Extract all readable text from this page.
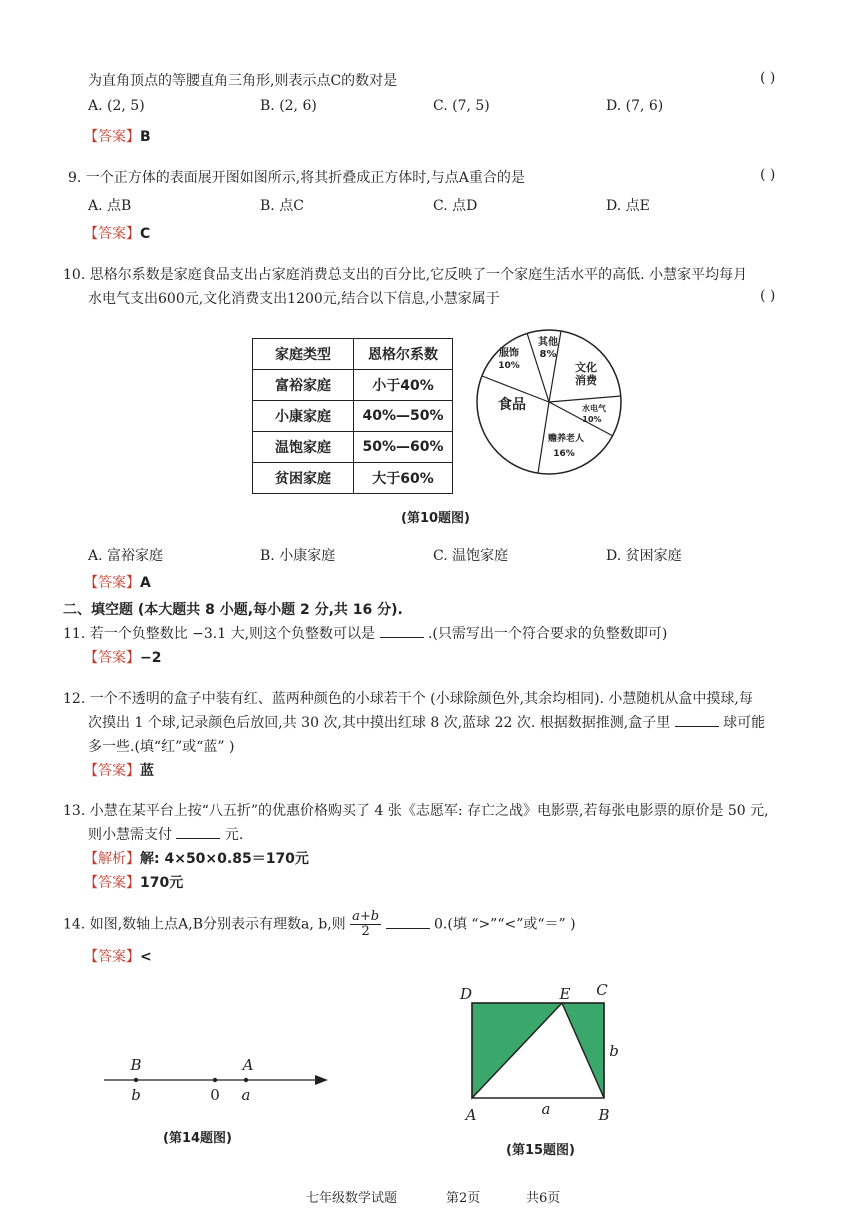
为直角顶点的等腰直角三角形,则表示点C的数对是	( )
A. (2, 5)	B. (2, 6)	C. (7, 5)	D. (7, 6)
【答案】B
9. 一个正方体的表面展开图如图所示,将其折叠成正方体时,与点A重合的是	( )
A. 点B	B. 点C	C. 点D	D. 点E
【答案】C
10. 思格尔系数是家庭食品支出占家庭消费总支出的百分比,它反映了一个家庭生活水平的高低. 小慧家平均每月
水电气支出600元,文化消费支出1200元,结合以下信息,小慧家属于	( )
家庭类型	恩格尔系数
富裕家庭	小于40%
小康家庭	40%—50%
温饱家庭	50%—60%
贫困家庭	大于60%
服饰
10%
其他
8%
文化
消费
水电气
10%
赡养老人
16%
食品
(第10题图)
A. 富裕家庭	B. 小康家庭	C. 温饱家庭	D. 贫困家庭
【答案】A
二、填空题 (本大题共 8 小题,每小题 2 分,共 16 分).
11. 若一个负整数比 −3.1 大,则这个负整数可以是	.(只需写出一个符合要求的负整数即可)
【答案】−2
12. 一个不透明的盒子中装有红、蓝两种颜色的小球若干个 (小球除颜色外,其余均相同). 小慧随机从盒中摸球,每
次摸出 1 个球,记录颜色后放回,共 30 次,其中摸出红球 8 次,蓝球 22 次. 根据数据推测,盒子里	球可能
多一些.(填“红”或“蓝” )
【答案】蓝
13. 小慧在某平台上按“八五折”的优惠价格购买了 4 张《志愿军: 存亡之战》电影票,若每张电影票的原价是 50 元,
则小慧需支付	元.
【解析】解: 4×50×0.85＝170元
【答案】170元
14. 如图,数轴上点A,B分别表示有理数a, b,则 $\frac{a+b}{2}$	0.(填 “>”“<”或“＝” )
【答案】<
B
b	0
A
a
(第14题图)
D	E C
b
A	a	B
(第15题图)
七年级数学试题	第2页	共6页
